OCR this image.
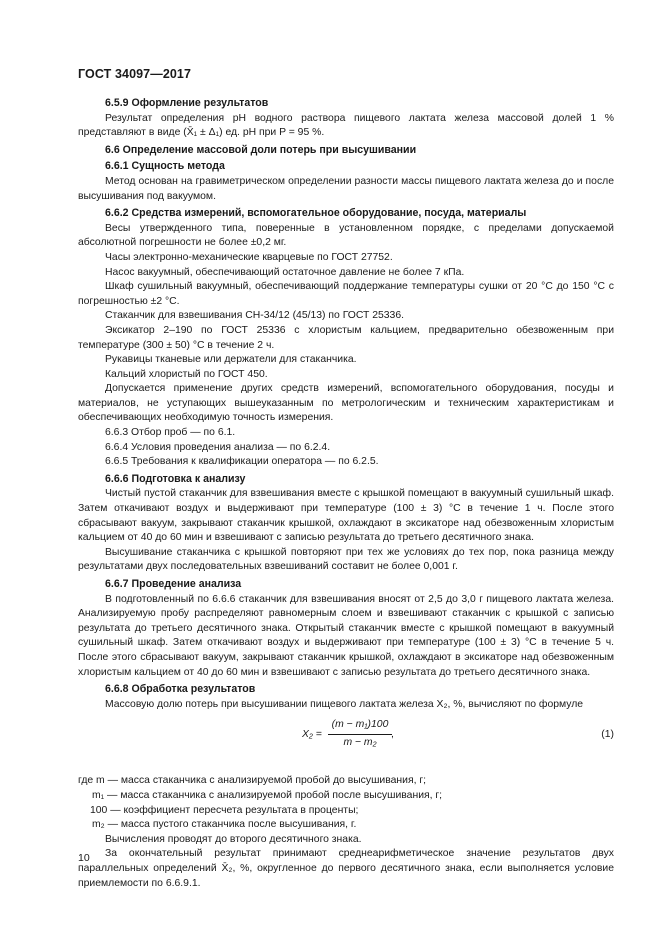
ГОСТ 34097—2017
6.5.9 Оформление результатов

Результат определения pH водного раствора пищевого лактата железа массовой долей 1 % представляют в виде (X̄₁ ± Δ₁) ед. pH при P = 95 %.

6.6 Определение массовой доли потерь при высушивании
6.6.1 Сущность метода

Метод основан на гравиметрическом определении разности массы пищевого лактата железа до и после высушивания под вакуумом.

6.6.2 Средства измерений, вспомогательное оборудование, посуда, материалы

Весы утвержденного типа, поверенные в установленном порядке, с пределами допускаемой абсолютной погрешности не более ±0,2 мг.

Часы электронно-механические кварцевые по ГОСТ 27752.

Насос вакуумный, обеспечивающий остаточное давление не более 7 кПа.

Шкаф сушильный вакуумный, обеспечивающий поддержание температуры сушки от 20 °С до 150 °С с погрешностью ±2 °С.

Стаканчик для взвешивания СН-34/12 (45/13) по ГОСТ 25336.

Эксикатор 2–190 по ГОСТ 25336 с хлористым кальцием, предварительно обезвоженным при температуре (300 ± 50) °С в течение 2 ч.

Рукавицы тканевые или держатели для стаканчика.

Кальций хлористый по ГОСТ 450.

Допускается применение других средств измерений, вспомогательного оборудования, посуды и материалов, не уступающих вышеуказанным по метрологическим и техническим характеристикам и обеспечивающих необходимую точность измерения.

6.6.3 Отбор проб — по 6.1.

6.6.4 Условия проведения анализа — по 6.2.4.

6.6.5 Требования к квалификации оператора — по 6.2.5.

6.6.6 Подготовка к анализу

Чистый пустой стаканчик для взвешивания вместе с крышкой помещают в вакуумный сушильный шкаф. Затем откачивают воздух и выдерживают при температуре (100 ± 3) °С в течение 1 ч. После этого сбрасывают вакуум, закрывают стаканчик крышкой, охлаждают в эксикаторе над обезвоженным хлористым кальцием от 40 до 60 мин и взвешивают с записью результата до третьего десятичного знака.

Высушивание стаканчика с крышкой повторяют при тех же условиях до тех пор, пока разница между результатами двух последовательных взвешиваний составит не более 0,001 г.

6.6.7 Проведение анализа

В подготовленный по 6.6.6 стаканчик для взвешивания вносят от 2,5 до 3,0 г пищевого лактата железа. Анализируемую пробу распределяют равномерным слоем и взвешивают стаканчик с крышкой с записью результата до третьего десятичного знака. Открытый стаканчик вместе с крышкой помещают в вакуумный сушильный шкаф. Затем откачивают воздух и выдерживают при температуре (100 ± 3) °С в течение 5 ч. После этого сбрасывают вакуум, закрывают стаканчик крышкой, охлаждают в эксикаторе над обезвоженным хлористым кальцием от 40 до 60 мин и взвешивают с записью результата до третьего десятичного знака.

6.6.8 Обработка результатов

Массовую долю потерь при высушивании пищевого лактата железа X₂, %, вычисляют по формуле

$X_2 = \frac{\text{(m − m₁)100}}{\text{m − m₂}}$ ,	(1)

где m — масса стаканчика с анализируемой пробой до высушивания, г;

m₁ — масса стаканчика с анализируемой пробой после высушивания, г;

100 — коэффициент пересчета результата в проценты;

m₂ — масса пустого стаканчика после высушивания, г.

Вычисления проводят до второго десятичного знака.

За окончательный результат принимают среднеарифметическое значение результатов двух параллельных определений X̄₂, %, округленное до первого десятичного знака, если выполняется условие приемлемости по 6.6.9.1.

10
